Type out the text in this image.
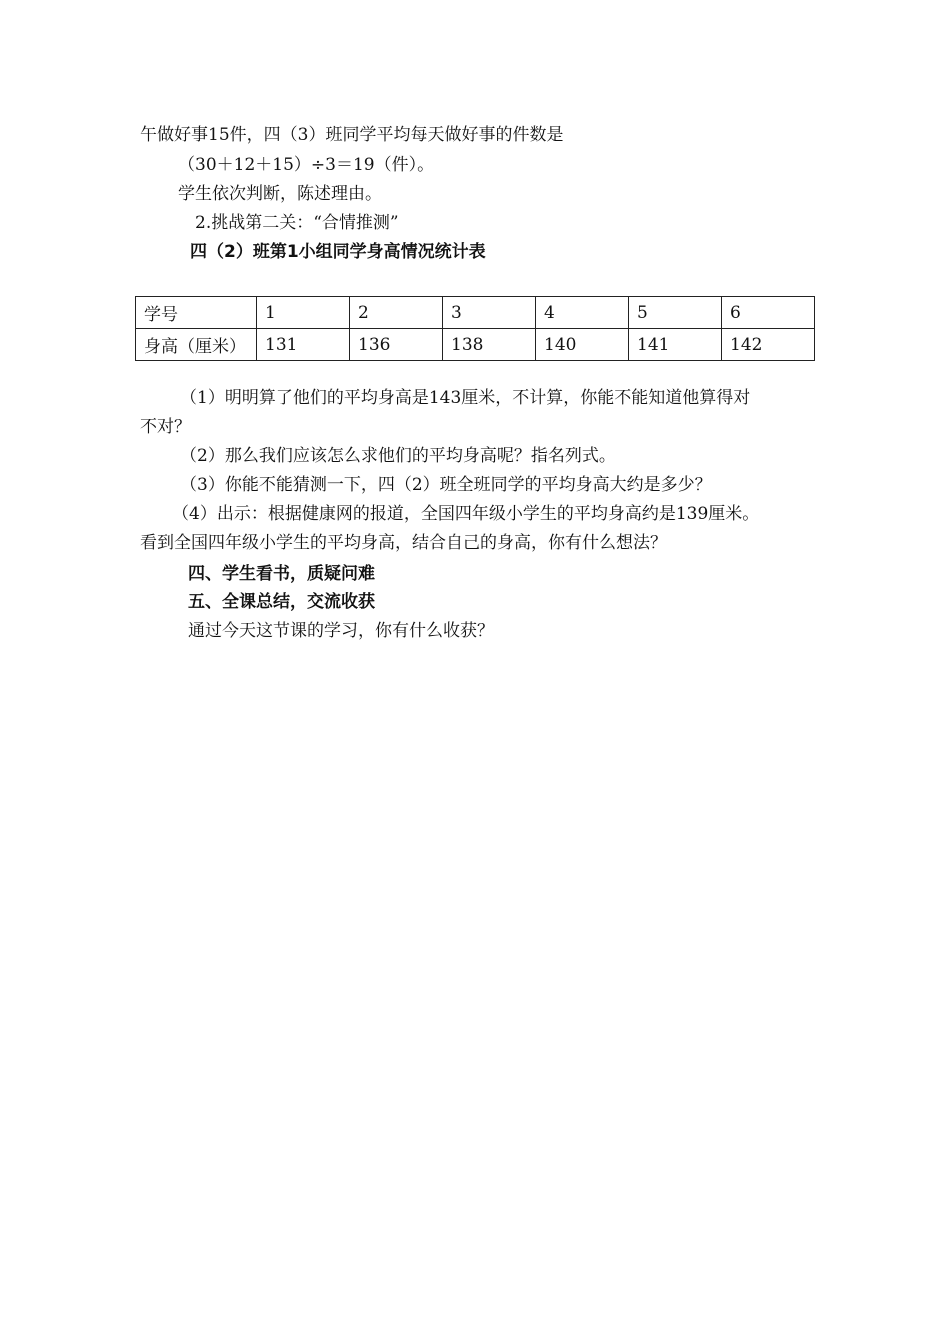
午做好事15件，四（3）班同学平均每天做好事的件数是
（30＋12＋15）÷3＝19（件）。
学生依次判断，陈述理由。
2.挑战第二关：“合情推测”
四（2）班第1小组同学身高情况统计表
学号	1	2	3	4	5	6
身高（厘米）	131	136	138	140	141	142
（1）明明算了他们的平均身高是143厘米，不计算，你能不能知道他算得对
不对？
（2）那么我们应该怎么求他们的平均身高呢？指名列式。
（3）你能不能猜测一下，四（2）班全班同学的平均身高大约是多少？
（4）出示：根据健康网的报道，全国四年级小学生的平均身高约是139厘米。
看到全国四年级小学生的平均身高，结合自己的身高，你有什么想法？
四、学生看书，质疑问难
五、全课总结，交流收获
通过今天这节课的学习，你有什么收获？
